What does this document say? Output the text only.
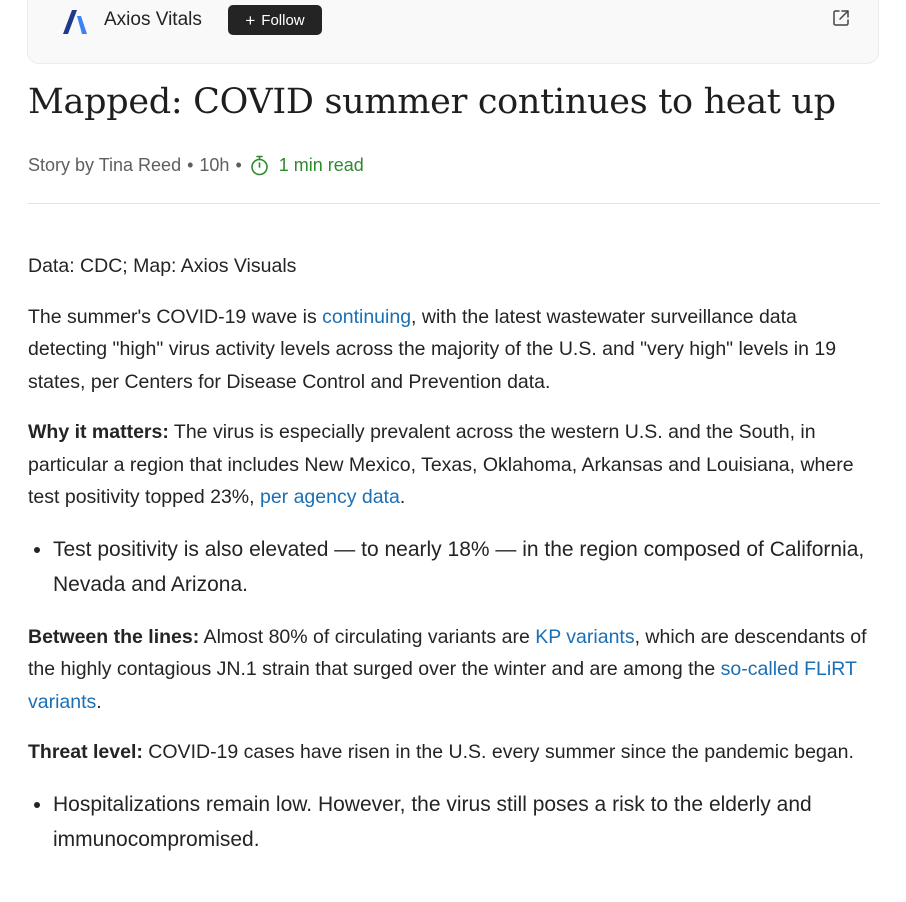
Axios Vitals	+ Follow
Mapped: COVID summer continues to heat up
Story by Tina Reed • 10h • 1 min read

Data: CDC; Map: Axios Visuals

The summer's COVID-19 wave is continuing, with the latest wastewater surveillance data detecting "high" virus activity levels across the majority of the U.S. and "very high" levels in 19 states, per Centers for Disease Control and Prevention data.

Why it matters: The virus is especially prevalent across the western U.S. and the South, in particular a region that includes New Mexico, Texas, Oklahoma, Arkansas and Louisiana, where test positivity topped 23%, per agency data.

• Test positivity is also elevated — to nearly 18% — in the region composed of California, Nevada and Arizona.

Between the lines: Almost 80% of circulating variants are KP variants, which are descendants of the highly contagious JN.1 strain that surged over the winter and are among the so-called FLiRT variants.

Threat level: COVID-19 cases have risen in the U.S. every summer since the pandemic began.

• Hospitalizations remain low. However, the virus still poses a risk to the elderly and immunocompromised.
